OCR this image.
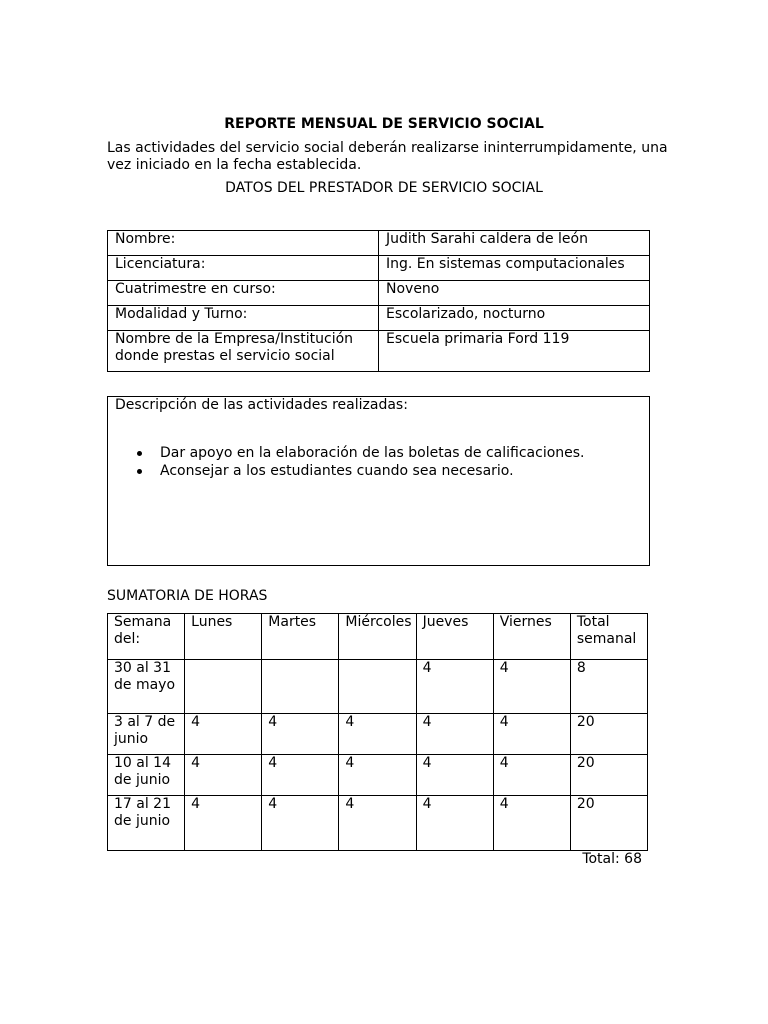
REPORTE MENSUAL DE SERVICIO SOCIAL
Las actividades del servicio social deberán realizarse ininterrumpidamente, una vez iniciado en la fecha establecida.
DATOS DEL PRESTADOR DE SERVICIO SOCIAL
Nombre:	Judith Sarahi caldera de león

Licenciatura:	Ing. En sistemas computacionales

Cuatrimestre en curso:	Noveno

Modalidad y Turno:	Escolarizado, nocturno

Nombre de la Empresa/Institución donde prestas el servicio social	Escuela primaria Ford 119
Descripción de las actividades realizadas:
Dar apoyo en la elaboración de las boletas de calificaciones.
Aconsejar a los estudiantes cuando sea necesario.
SUMATORIA DE HORAS
Semana del:	Lunes	Martes	Miércoles	Jueves	Viernes	Total semanal

30 al 31 de mayo				4	4	8

3 al 7 de junio	4	4	4	4	4	20

10 al 14 de junio	4	4	4	4	4	20

17 al 21 de junio	4	4	4	4	4	20
Total: 68
